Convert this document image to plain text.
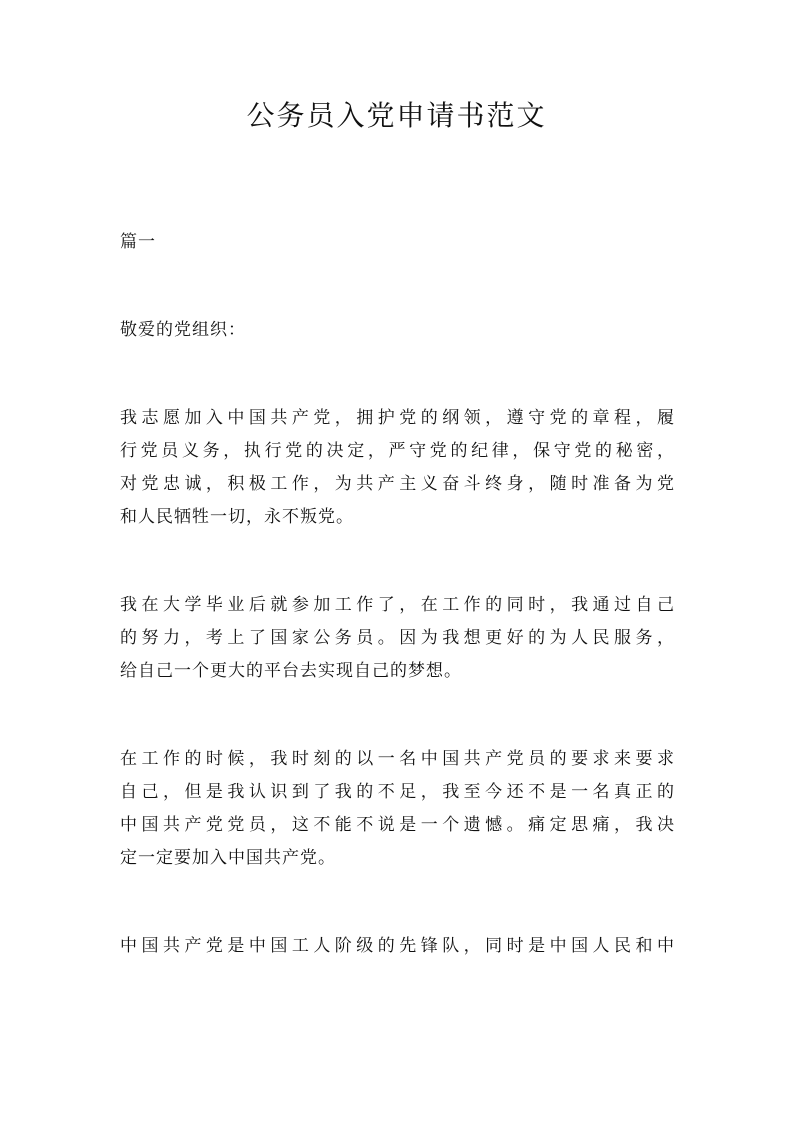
公务员入党申请书范文
篇一
敬爱的党组织：
我志愿加入中国共产党，拥护党的纲领，遵守党的章程，履
行党员义务，执行党的决定，严守党的纪律，保守党的秘密，
对党忠诚，积极工作，为共产主义奋斗终身，随时准备为党
和人民牺牲一切，永不叛党。
我在大学毕业后就参加工作了，在工作的同时，我通过自己
的努力，考上了国家公务员。因为我想更好的为人民服务，
给自己一个更大的平台去实现自己的梦想。
在工作的时候，我时刻的以一名中国共产党员的要求来要求
自己，但是我认识到了我的不足，我至今还不是一名真正的
中国共产党党员，这不能不说是一个遗憾。痛定思痛，我决
定一定要加入中国共产党。
中国共产党是中国工人阶级的先锋队，同时是中国人民和中
